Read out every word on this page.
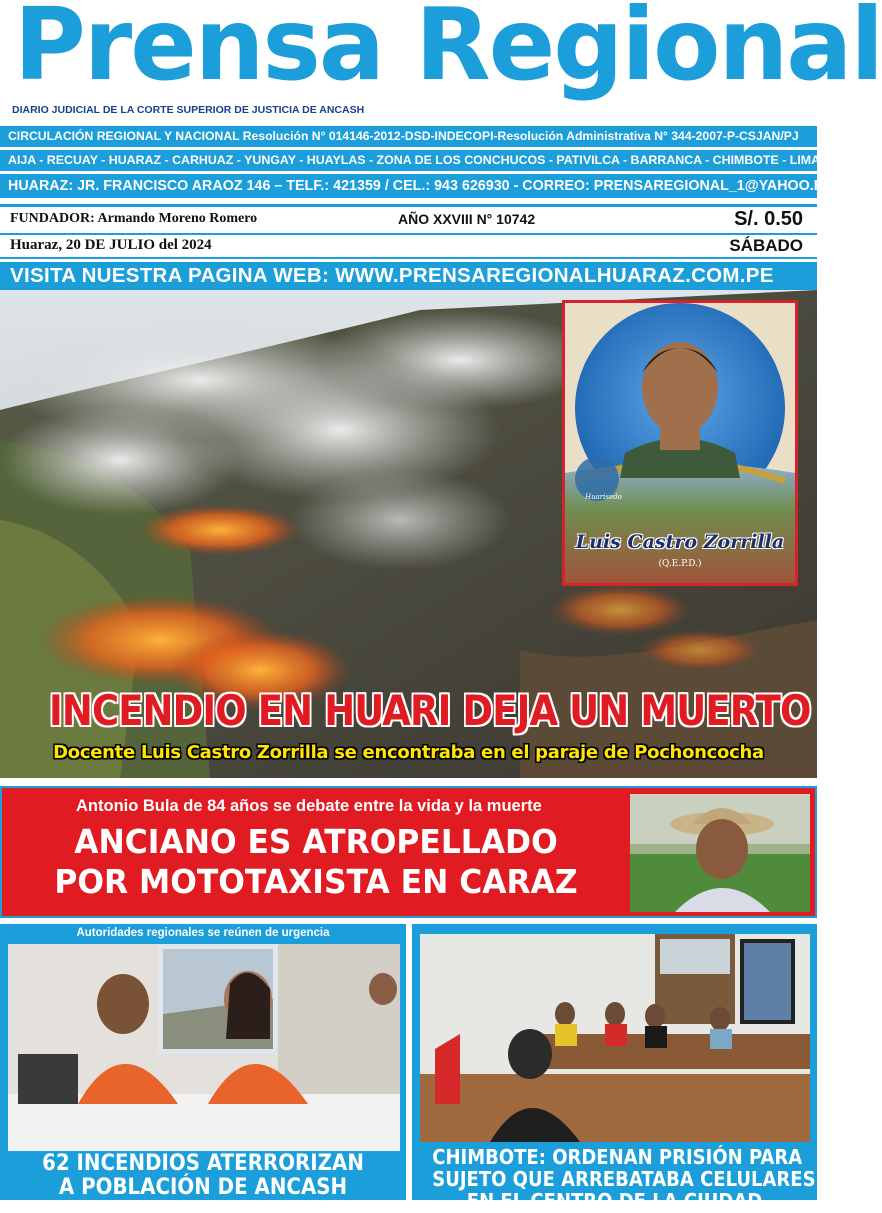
Prensa Regional
DIARIO JUDICIAL DE LA CORTE SUPERIOR DE JUSTICIA DE ANCASH
CIRCULACIÓN REGIONAL Y NACIONAL Resolución N° 014146-2012-DSD-INDECOPI-Resolución Administrativa N° 344-2007-P-CSJAN/PJ
AIJA - RECUAY - HUARAZ - CARHUAZ - YUNGAY - HUAYLAS - ZONA DE LOS CONCHUCOS - PATIVILCA - BARRANCA - CHIMBOTE - LIMA NORTE
HUARAZ: JR. FRANCISCO ARAOZ 146 – TELF.: 421359 / CEL.: 943 626930 - CORREO: PRENSAREGIONAL_1@YAHOO.ES
FUNDADOR: Armando Moreno Romero	AÑO XXVIII N° 10742	S/. 0.50
Huaraz, 20 DE JULIO del 2024	SÁBADO
VISITA NUESTRA PAGINA WEB: WWW.PRENSAREGIONALHUARAZ.COM.PE
Huarisedo
Luis Castro Zorrilla
(Q.E.P.D.)
INCENDIO EN HUARI DEJA UN MUERTO
Docente Luis Castro Zorrilla se encontraba en el paraje de Pochoncocha
Antonio Bula de 84 años se debate entre la vida y la muerte
ANCIANO ES ATROPELLADO
POR MOTOTAXISTA EN CARAZ
Autoridades regionales se reúnen de urgencia
62 INCENDIOS ATERRORIZAN
A POBLACIÓN DE ANCASH
CHIMBOTE: ORDENAN PRISIÓN PARA
SUJETO QUE ARREBATABA CELULARES
EN EL CENTRO DE LA CIUDAD
